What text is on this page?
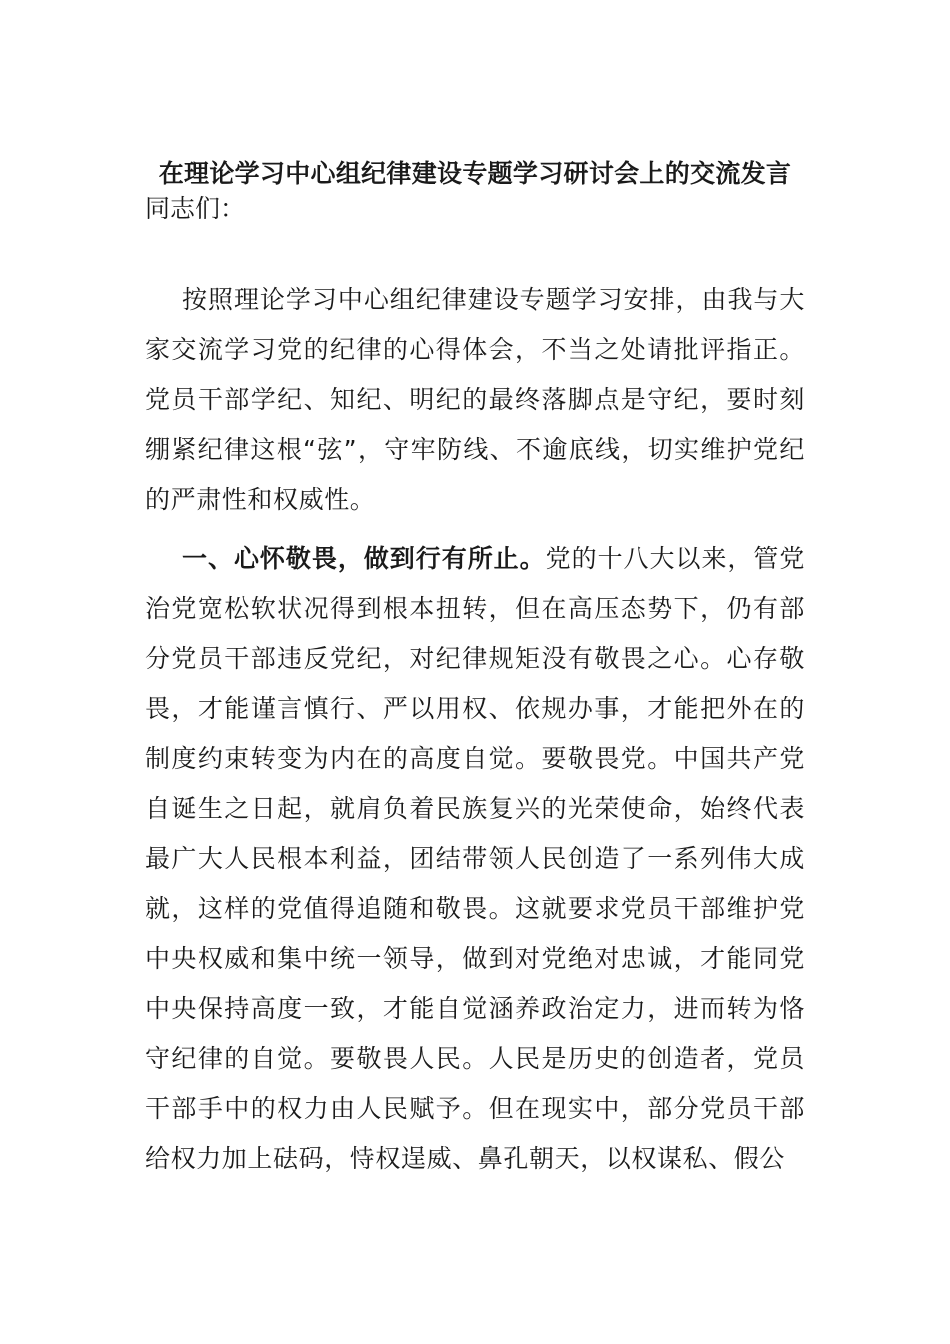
在理论学习中心组纪律建设专题学习研讨会上的交流发言
同志们：

按照理论学习中心组纪律建设专题学习安排，由我与大家交流学习党的纪律的心得体会，不当之处请批评指正。党员干部学纪、知纪、明纪的最终落脚点是守纪，要时刻绷紧纪律这根“弦”，守牢防线、不逾底线，切实维护党纪的严肃性和权威性。

一、心怀敬畏，做到行有所止。党的十八大以来，管党治党宽松软状况得到根本扭转，但在高压态势下，仍有部分党员干部违反党纪，对纪律规矩没有敬畏之心。心存敬畏，才能谨言慎行、严以用权、依规办事，才能把外在的制度约束转变为内在的高度自觉。要敬畏党。中国共产党自诞生之日起，就肩负着民族复兴的光荣使命，始终代表最广大人民根本利益，团结带领人民创造了一系列伟大成就，这样的党值得追随和敬畏。这就要求党员干部维护党中央权威和集中统一领导，做到对党绝对忠诚，才能同党中央保持高度一致，才能自觉涵养政治定力，进而转为恪守纪律的自觉。要敬畏人民。人民是历史的创造者，党员干部手中的权力由人民赋予。但在现实中，部分党员干部给权力加上砝码，恃权逞威、鼻孔朝天，以权谋私、假公
